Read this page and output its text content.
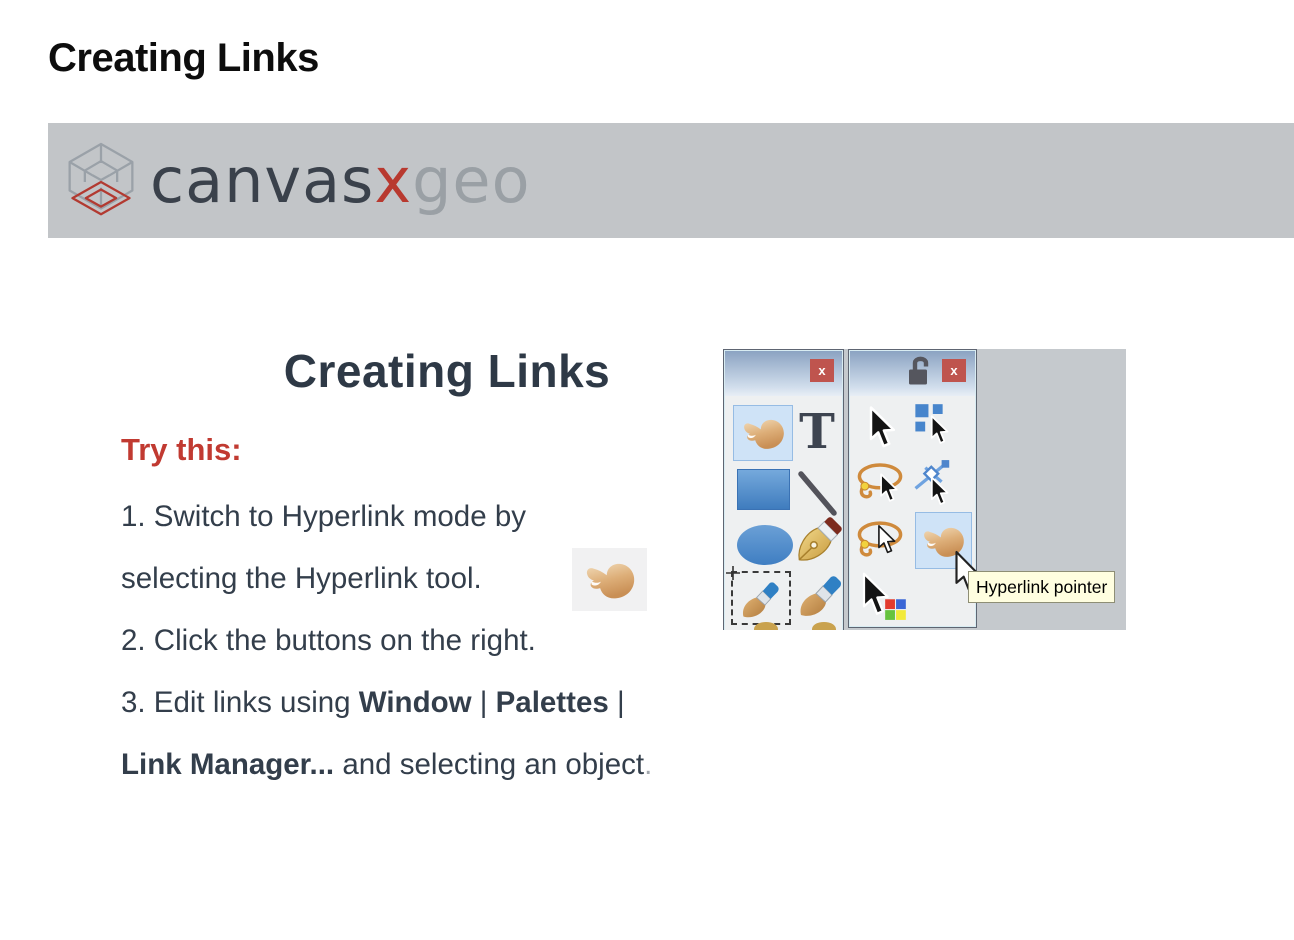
Creating Links
canvas x geo
Creating Links
Try this:
1. Switch to Hyperlink mode by
selecting the Hyperlink tool.
2. Click the buttons on the right.
3. Edit links using Window | Palettes |
Link Manager... and selecting an object.
x
T
x
Hyperlink pointer
